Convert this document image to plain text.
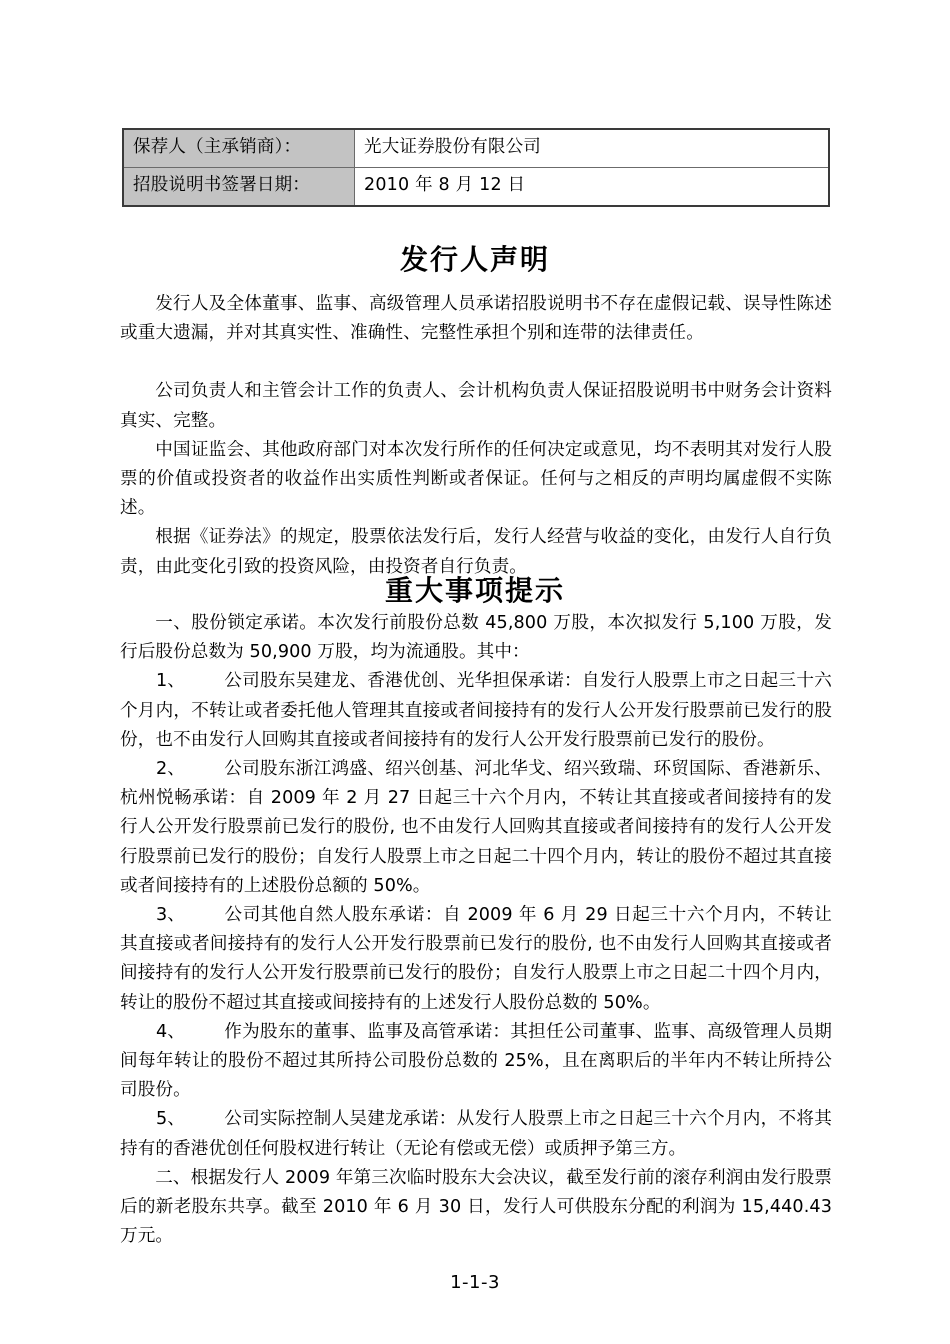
保荐人（主承销商）：	光大证券股份有限公司
招股说明书签署日期：	2010 年 8 月 12 日
发行人声明

发行人及全体董事、监事、高级管理人员承诺招股说明书不存在虚假记载、误导性陈述或重大遗漏，并对其真实性、准确性、完整性承担个别和连带的法律责任。

公司负责人和主管会计工作的负责人、会计机构负责人保证招股说明书中财务会计资料真实、完整。

中国证监会、其他政府部门对本次发行所作的任何决定或意见，均不表明其对发行人股票的价值或投资者的收益作出实质性判断或者保证。任何与之相反的声明均属虚假不实陈述。

根据《证券法》的规定，股票依法发行后，发行人经营与收益的变化，由发行人自行负责，由此变化引致的投资风险，由投资者自行负责。

重大事项提示

一、股份锁定承诺。本次发行前股份总数 45,800 万股，本次拟发行 5,100 万股，发行后股份总数为 50,900 万股，均为流通股。其中：

1、 公司股东吴建龙、香港优创、光华担保承诺：自发行人股票上市之日起三十六个月内，不转让或者委托他人管理其直接或者间接持有的发行人公开发行股票前已发行的股份，也不由发行人回购其直接或者间接持有的发行人公开发行股票前已发行的股份。

2、 公司股东浙江鸿盛、绍兴创基、河北华戈、绍兴致瑞、环贸国际、香港新乐、杭州悦畅承诺：自 2009 年 2 月 27 日起三十六个月内，不转让其直接或者间接持有的发行人公开发行股票前已发行的股份, 也不由发行人回购其直接或者间接持有的发行人公开发行股票前已发行的股份；自发行人股票上市之日起二十四个月内，转让的股份不超过其直接或者间接持有的上述股份总额的 50%。

3、 公司其他自然人股东承诺：自 2009 年 6 月 29 日起三十六个月内，不转让其直接或者间接持有的发行人公开发行股票前已发行的股份, 也不由发行人回购其直接或者间接持有的发行人公开发行股票前已发行的股份；自发行人股票上市之日起二十四个月内，转让的股份不超过其直接或间接持有的上述发行人股份总数的 50%。

4、 作为股东的董事、监事及高管承诺：其担任公司董事、监事、高级管理人员期间每年转让的股份不超过其所持公司股份总数的 25%，且在离职后的半年内不转让所持公司股份。

5、 公司实际控制人吴建龙承诺：从发行人股票上市之日起三十六个月内，不将其持有的香港优创任何股权进行转让（无论有偿或无偿）或质押予第三方。

二、根据发行人 2009 年第三次临时股东大会决议，截至发行前的滚存利润由发行股票后的新老股东共享。截至 2010 年 6 月 30 日，发行人可供股东分配的利润为 15,440.43 万元。

1-1-3
